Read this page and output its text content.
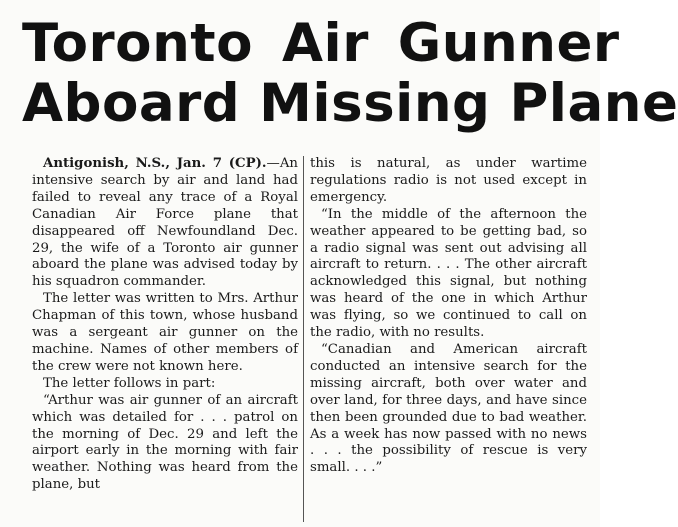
Toronto Air Gunner
Aboard Missing Plane

Antigonish, N.S., Jan. 7 (CP).—An intensive search by air and land had failed to reveal any trace of a Royal Canadian Air Force plane that disappeared off Newfoundland Dec. 29, the wife of a Toronto air gunner aboard the plane was advised today by his squadron commander.

The letter was written to Mrs. Arthur Chapman of this town, whose husband was a sergeant air gunner on the machine. Names of other members of the crew were not known here.

The letter follows in part:

“Arthur was air gunner of an aircraft which was detailed for . . . patrol on the morning of Dec. 29 and left the airport early in the morning with fair weather. Nothing was heard from the plane, but

this is natural, as under wartime regulations radio is not used except in emergency.

“In the middle of the afternoon the weather appeared to be getting bad, so a radio signal was sent out advising all aircraft to return. . . . The other aircraft acknowledged this signal, but nothing was heard of the one in which Arthur was flying, so we continued to call on the radio, with no results.

“Canadian and American aircraft conducted an intensive search for the missing aircraft, both over water and over land, for three days, and have since then been grounded due to bad weather. As a week has now passed with no news . . . the possibility of rescue is very small. . . .”
